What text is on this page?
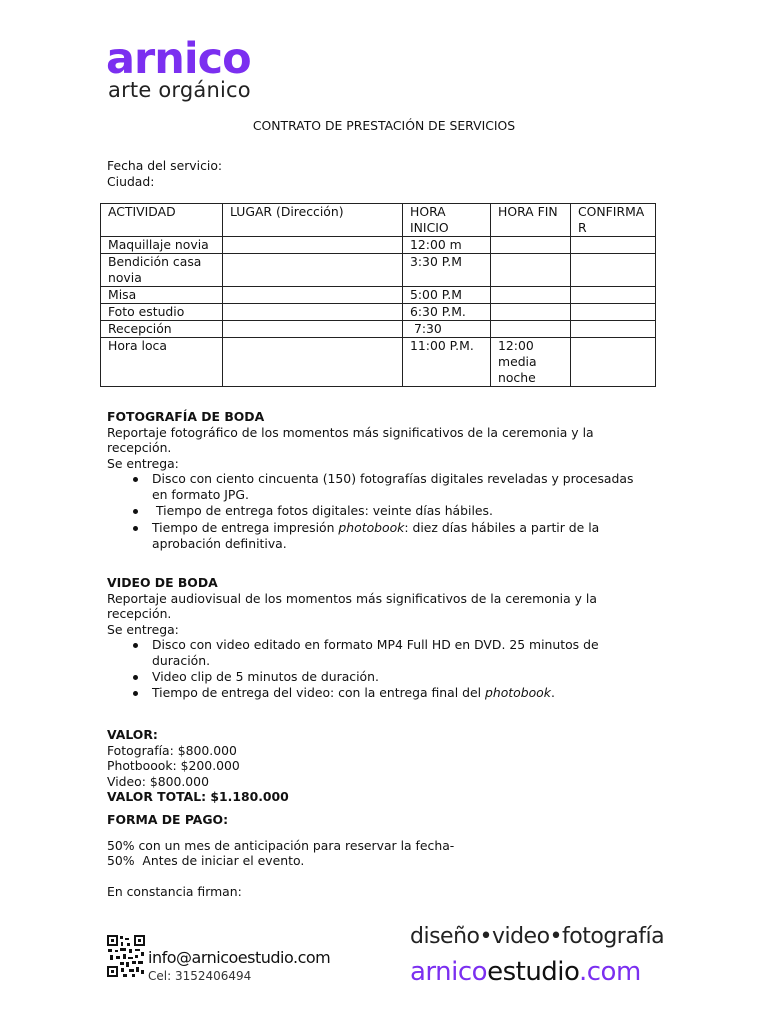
arnico
arte orgánico
CONTRATO DE PRESTACIÓN DE SERVICIOS
Fecha del servicio:
Ciudad:
ACTIVIDAD	LUGAR (Dirección)	HORA INICIO	HORA FIN	CONFIRMAR
Maquillaje novia		12:00 m		
Bendición casa novia		3:30 P.M		
Misa		5:00 P.M		
Foto estudio		6:30 P.M.		
Recepción		7:30		
Hora loca		11:00 P.M.	12:00 media noche	
FOTOGRAFÍA DE BODA
Reportaje fotográfico de los momentos más significativos de la ceremonia y la
recepción.
Se entrega:
Disco con ciento cincuenta (150) fotografías digitales reveladas y procesadas
en formato JPG.
Tiempo de entrega fotos digitales: veinte días hábiles.
Tiempo de entrega impresión photobook: diez días hábiles a partir de la
aprobación definitiva.
VIDEO DE BODA
Reportaje audiovisual de los momentos más significativos de la ceremonia y la
recepción.
Se entrega:
Disco con video editado en formato MP4 Full HD en DVD. 25 minutos de
duración.
Video clip de 5 minutos de duración.
Tiempo de entrega del video: con la entrega final del photobook.
VALOR:
Fotografía: $800.000
Photboook: $200.000
Video: $800.000
VALOR TOTAL: $1.180.000
FORMA DE PAGO:
50% con un mes de anticipación para reservar la fecha-
50%  Antes de iniciar el evento.
En constancia firman:
info@arnicoestudio.com
Cel: 3152406494
diseño•video•fotografía
arnicoestudio.com
